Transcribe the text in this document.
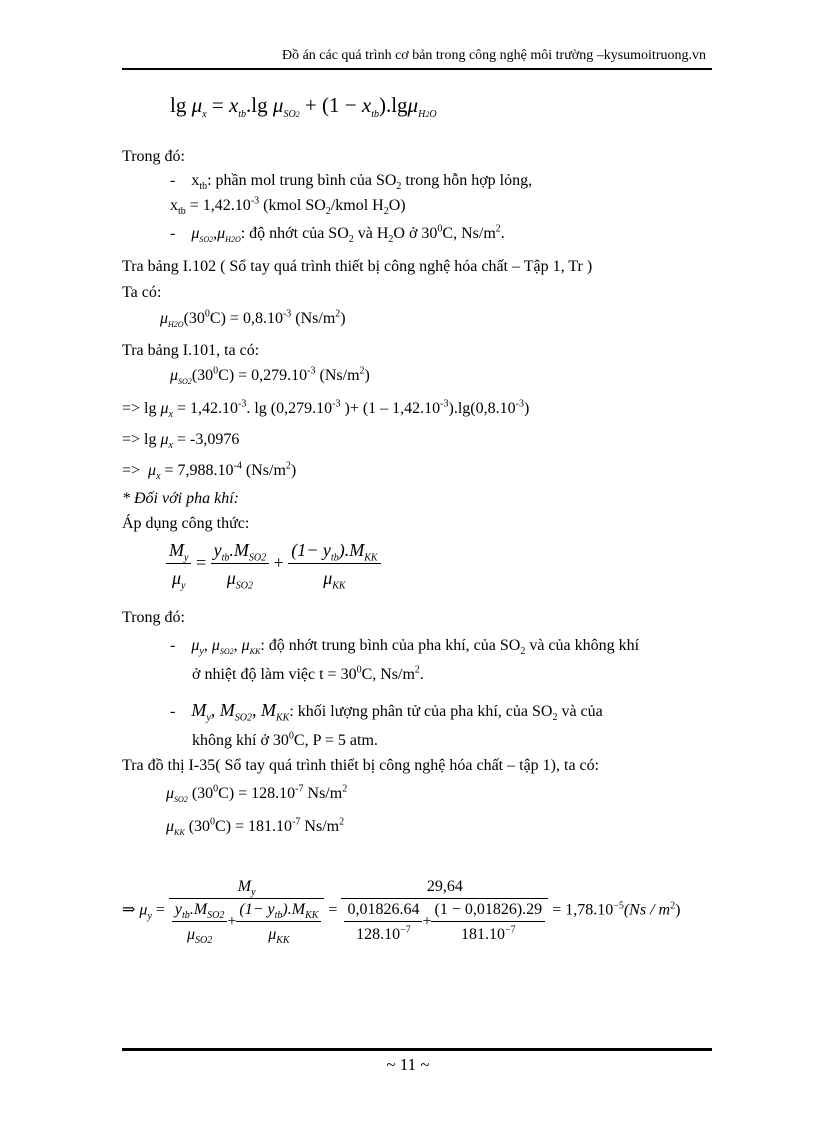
Đồ án các quá trình cơ bản trong công nghệ môi trường –kysumoitruong.vn
$\lg \mu_x = x_{tb}.\lg$ $\mu_{SO2} + (1 - x_{tb}).\lg\mu_{H2O}$
Trong đó:
-    $x_{tb}$: phần mol trung bình của $SO_2$ trong hỗn hợp lỏng,
$x_{tb} = 1,42.10^{-3}$ (kmol $SO_2$/kmol $H_2O$)
-    $\mu_{SO2},\mu_{H2O}$: độ nhớt của $SO_2$ và $H_2O$ ở $30^0C$, $Ns/m^2$.
Tra bảng I.102 ( Sổ tay quá trình thiết bị công nghệ hóa chất – Tập 1, Tr )
Ta có:
$\mu_{H2O}(30^0C) = 0,8.10^{-3}$ $(Ns/m^2)$
Tra bảng I.101, ta có:
$\mu_{SO2}(30^0C) = 0,279.10^{-3}$ $(Ns/m^2)$
=> $\lg \mu_x = 1,42.10^{-3}$. $\lg (0,279.10^{-3}$ )+ $(1 - 1,42.10^{-3}).\lg(0,8.10^{-3})$
=> $\lg \mu_x = -3,0976$
=> $\mu_x = 7,988.10^{-4}$ $(Ns/m^2)$
* Đối với pha khí:
Áp dụng công thức:
$\frac{M_y}{\mu_y} = \frac{y_{tb}.M_{SO2}}{\mu_{SO2}} + \frac{(1- y_{tb}).M_{KK}}{\mu_{KK}}$
Trong đó:
-    $\mu_y$, $\mu_{SO2}$, $\mu_{KK}$: độ nhớt trung bình của pha khí, của $SO_2$ và của không khí
ở nhiệt độ làm việc $t = 30^0C$, $Ns/m^2$.
-    $M_y$, $M_{SO2}$, $M_{KK}$: khối lượng phân tử của pha khí, của $SO_2$ và của
không khí ở $30^0C$, P = 5 atm.
Tra đồ thị I-35( Sổ tay quá trình thiết bị công nghệ hóa chất – tập 1), ta có:
$\mu_{SO2}$ $(30^0C) = 128.10^{-7}$ $Ns/m^2$
$\mu_{KK}$ $(30^0C) = 181.10^{-7}$ $Ns/m^2$
⇒ $\mu_y = \frac{M_y}{\frac{y_{tb}.M_{SO2}}{\mu_{SO2}} + \frac{(1- y_{tb}).M_{KK}}{\mu_{KK}}} = \frac{29,64}{\frac{0,01826.64}{128.10^{-7}} + \frac{(1 - 0,01826).29}{181.10^{-7}}} = 1,78.10^{-5}(Ns / m^2)$
~ 11 ~
